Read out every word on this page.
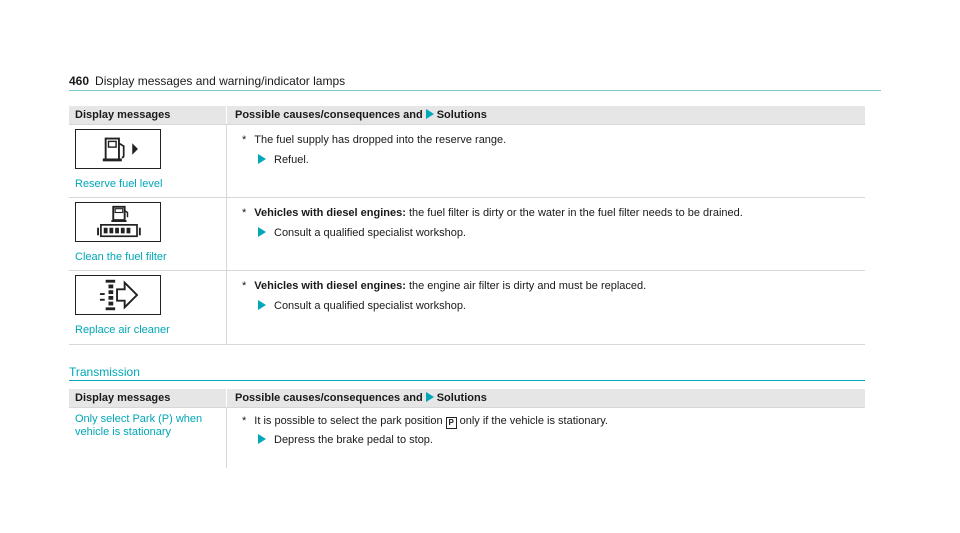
460 Display messages and warning/indicator lamps
Display messages	Possible causes/consequences and Solutions
Reserve fuel level
* The fuel supply has dropped into the reserve range.
Refuel.
Clean the fuel filter
* Vehicles with diesel engines: the fuel filter is dirty or the water in the fuel filter needs to be drained.
Consult a qualified specialist workshop.
Replace air cleaner
* Vehicles with diesel engines: the engine air filter is dirty and must be replaced.
Consult a qualified specialist workshop.
Transmission
Display messages	Possible causes/consequences and Solutions
Only select Park (P) when
vehicle is stationary
* It is possible to select the park position P only if the vehicle is stationary.
Depress the brake pedal to stop.
